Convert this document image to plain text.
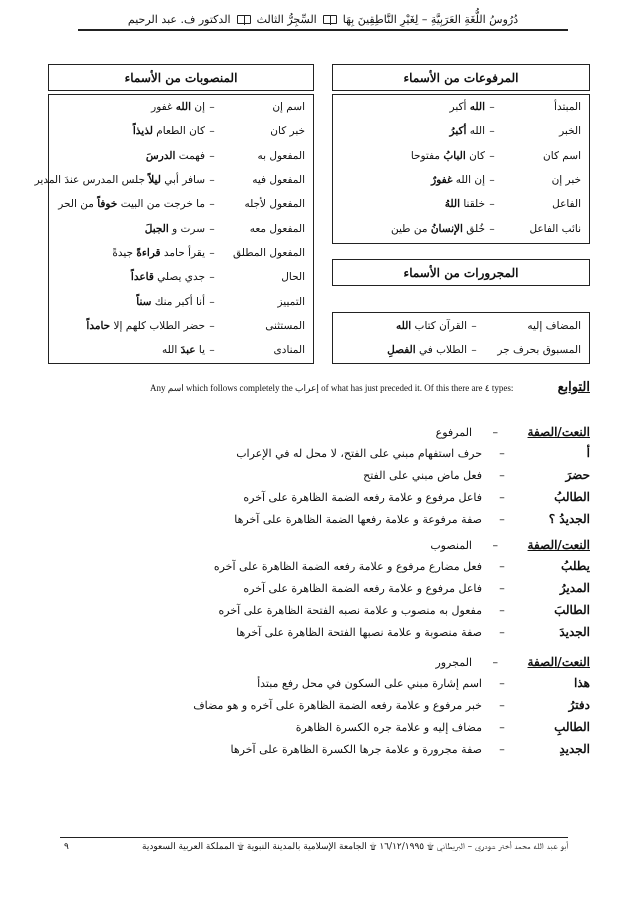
دُرُوسُ اللُّغَةِ العَرَبِيَّةِ – لِغَيْرِ النَّاطِقِينَ بِهَا
السِّجِرُّ الثالث
الدكتور ف. عبد الرحيم
المرفوعات من الأسماء
المنصوبات من الأسماء
المبتدأ
–
الله أكبر
الخبر
–
الله أكبرُ
اسم كان
–
كان البابُ مفتوحا
خبر إن
–
إن الله غفورٌ
الفاعل
–
خلقنا اللهُ
نائب الفاعل
–
خُلق الإنسانُ من طين
اسم إن
–
إن الله غفور
خبر كان
–
كان الطعام لذيذاً
المفعول به
–
فهمت الدرسَ
المفعول فيه
–
سافر أبي ليلاً جلس المدرس عندَ المدير
المفعول لأجله
–
ما خرجت من البيت خوفاً من الحر
المفعول معه
–
سرت و الجبلَ
المفعول المطلق
–
يقرأ حامد قراءةً جيدةً
الحال
–
جدي يصلي قاعداً
التمييز
–
أنا أكبر منك سناً
المستثنى
–
حضر الطلاب كلهم إلا حامداً
المنادى
–
يا عبدَ الله
المجرورات من الأسماء
المضاف إليه
–
القرآن كتاب الله
المسبوق بحرف جر
–
الطلاب في الفصلِ
التوابع
Any اسم which follows completely the إعراب of what has just preceded it. Of this there are ٤ types:
النعت/الصفة
–
المرفوع
أ
–
حرف استفهام مبني على الفتح، لا محل له في الإعراب
حضرَ
–
فعل ماض مبني على الفتح
الطالبُ
–
فاعل مرفوع و علامة رفعه الضمة الظاهرة على آخره
الجديدُ ؟
–
صفة مرفوعة و علامة رفعها الضمة الظاهرة على آخرها
النعت/الصفة
–
المنصوب
يطلبُ
–
فعل مضارع مرفوع و علامة رفعه الضمة الظاهرة على آخره
المديرُ
–
فاعل مرفوع و علامة رفعه الضمة الظاهرة على آخره
الطالبَ
–
مفعول به منصوب و علامة نصبه الفتحة الظاهرة على آخره
الجديدَ
–
صفة منصوبة و علامة نصبها الفتحة الظاهرة على آخرها
النعت/الصفة
–
المجرور
هذا
–
اسم إشارة مبني على السكون في محل رفع مبتدأ
دفترُ
–
خبر مرفوع و علامة رفعه الضمة الظاهرة على آخره و هو مضاف
الطالبِ
–
مضاف إليه و علامة جره الكسرة الظاهرة
الجديدِ
–
صفة مجرورة و علامة جرها الكسرة الظاهرة على آخرها
٩	أبو عبد الله محمد أختر شودري – البريطاني ۩ ١٦/١٢/١٩٩٥ ۩ الجامعة الإسلامية بالمدينة النبوية ۩ المملكة العربية السعودية
